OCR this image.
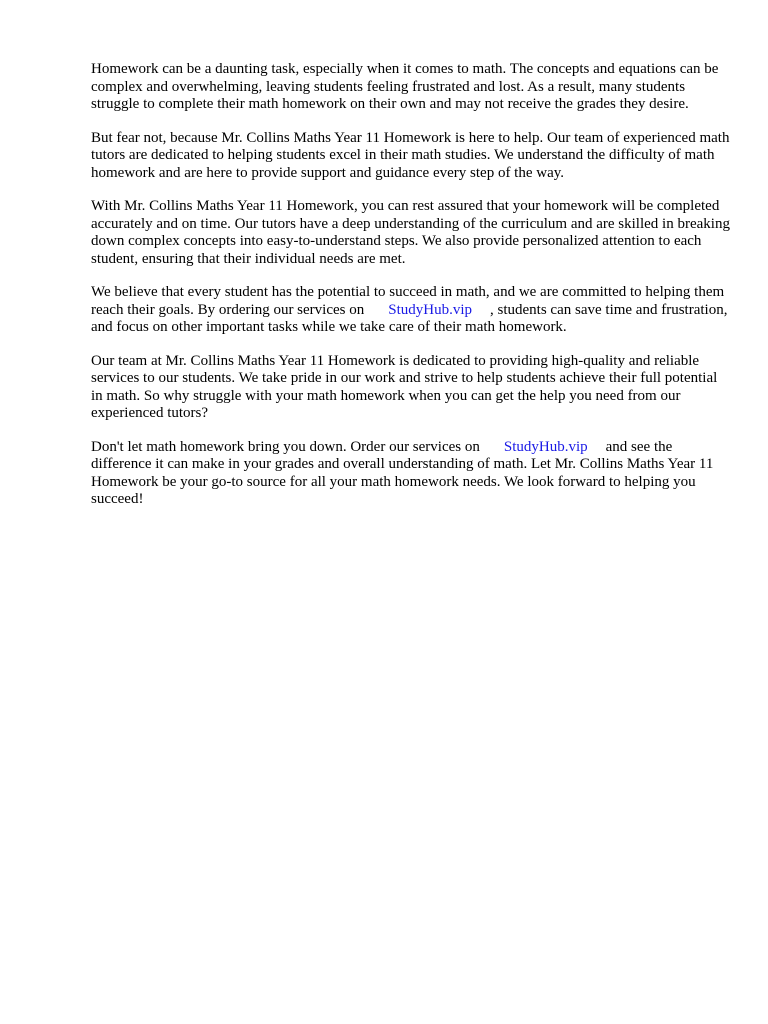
Homework can be a daunting task, especially when it comes to math. The concepts and equations can be complex and overwhelming, leaving students feeling frustrated and lost. As a result, many students struggle to complete their math homework on their own and may not receive the grades they desire.

But fear not, because Mr. Collins Maths Year 11 Homework is here to help. Our team of experienced math tutors are dedicated to helping students excel in their math studies. We understand the difficulty of math homework and are here to provide support and guidance every step of the way.

With Mr. Collins Maths Year 11 Homework, you can rest assured that your homework will be completed accurately and on time. Our tutors have a deep understanding of the curriculum and are skilled in breaking down complex concepts into easy-to-understand steps. We also provide personalized attention to each student, ensuring that their individual needs are met.

We believe that every student has the potential to succeed in math, and we are committed to helping them reach their goals. By ordering our services on StudyHub.vip , students can save time and frustration, and focus on other important tasks while we take care of their math homework.

Our team at Mr. Collins Maths Year 11 Homework is dedicated to providing high-quality and reliable services to our students. We take pride in our work and strive to help students achieve their full potential in math. So why struggle with your math homework when you can get the help you need from our experienced tutors?

Don't let math homework bring you down. Order our services on StudyHub.vip and see the difference it can make in your grades and overall understanding of math. Let Mr. Collins Maths Year 11 Homework be your go-to source for all your math homework needs. We look forward to helping you succeed!
